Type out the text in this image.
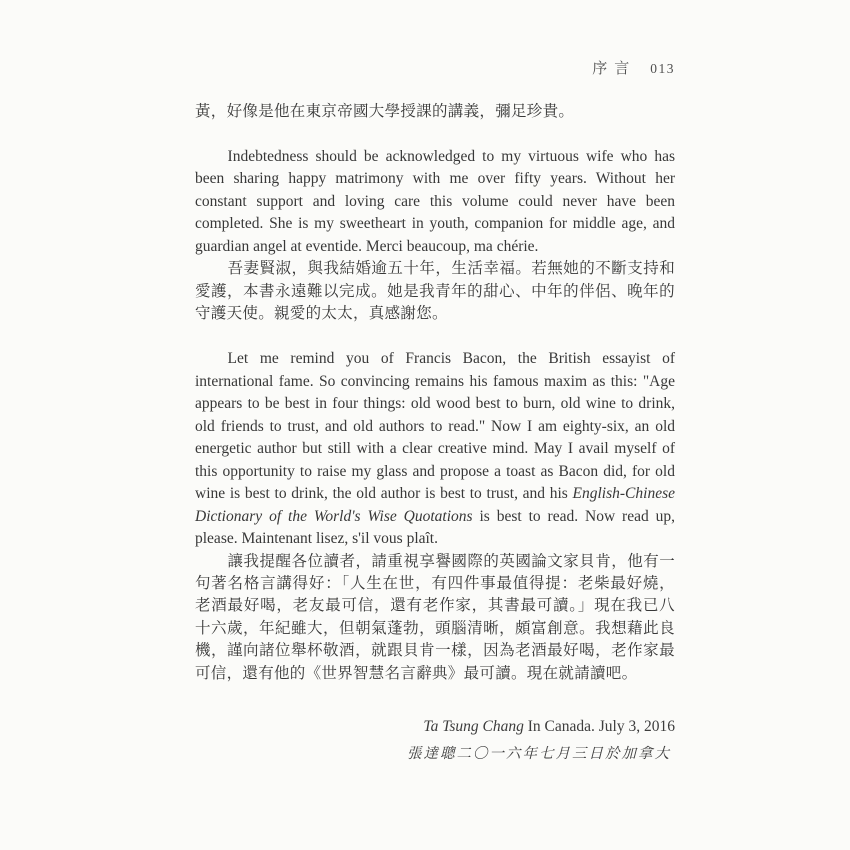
序言 013

黃，好像是他在東京帝國大學授課的講義，彌足珍貴。

Indebtedness should be acknowledged to my virtuous wife who has been sharing happy matrimony with me over fifty years. Without her constant support and loving care this volume could never have been completed. She is my sweetheart in youth, companion for middle age, and guardian angel at eventide. Merci beaucoup, ma chérie.

吾妻賢淑，與我結婚逾五十年，生活幸福。若無她的不斷支持和愛護，本書永遠難以完成。她是我青年的甜心、中年的伴侶、晚年的守護天使。親愛的太太，真感謝您。

Let me remind you of Francis Bacon, the British essayist of international fame. So convincing remains his famous maxim as this: "Age appears to be best in four things: old wood best to burn, old wine to drink, old friends to trust, and old authors to read." Now I am eighty-six, an old energetic author but still with a clear creative mind. May I avail myself of this opportunity to raise my glass and propose a toast as Bacon did, for old wine is best to drink, the old author is best to trust, and his English-Chinese Dictionary of the World's Wise Quotations is best to read. Now read up, please. Maintenant lisez, s'il vous plaît.

讓我提醒各位讀者，請重視享譽國際的英國論文家貝肯，他有一句著名格言講得好：「人生在世，有四件事最值得提：老柴最好燒，老酒最好喝，老友最可信，還有老作家，其書最可讀。」現在我已八十六歲，年紀雖大，但朝氣蓬勃，頭腦清晰，頗富創意。我想藉此良機，謹向諸位舉杯敬酒，就跟貝肯一樣，因為老酒最好喝，老作家最可信，還有他的《世界智慧名言辭典》最可讀。現在就請讀吧。

Ta Tsung Chang In Canada. July 3, 2016
張達聰二〇一六年七月三日於加拿大
